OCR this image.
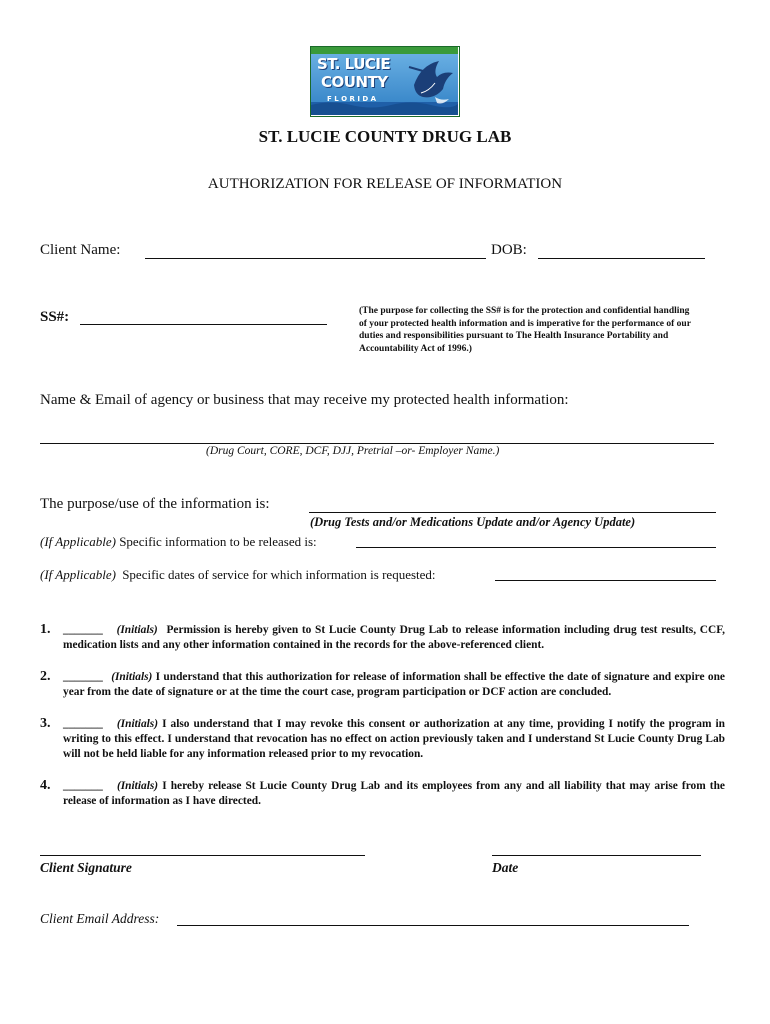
ST. LUCIE
COUNTY
F L O R I D A
ST. LUCIE COUNTY DRUG LAB
AUTHORIZATION FOR RELEASE OF INFORMATION
Client Name:	DOB:
SS#:	(The purpose for collecting the SS# is for the protection and confidential handling of your protected health information and is imperative for the performance of our duties and responsibilities pursuant to The Health Insurance Portability and Accountability Act of 1996.)
Name & Email of agency or business that may receive my protected health information:
(Drug Court, CORE, DCF, DJJ, Pretrial –or- Employer Name.)
The purpose/use of the information is:
(Drug Tests and/or Medications Update and/or Agency Update)
(If Applicable) Specific information to be released is:
(If Applicable) Specific dates of service for which information is requested:
1. _______ (Initials) Permission is hereby given to St Lucie County Drug Lab to release information including drug test results, CCF, medication lists and any other information contained in the records for the above-referenced client.
2. _______ (Initials) I understand that this authorization for release of information shall be effective the date of signature and expire one year from the date of signature or at the time the court case, program participation or DCF action are concluded.
3. _______ (Initials) I also understand that I may revoke this consent or authorization at any time, providing I notify the program in writing to this effect. I understand that revocation has no effect on action previously taken and I understand St Lucie County Drug Lab will not be held liable for any information released prior to my revocation.
4. _______ (Initials) I hereby release St Lucie County Drug Lab and its employees from any and all liability that may arise from the release of information as I have directed.
Client Signature	Date
Client Email Address:
